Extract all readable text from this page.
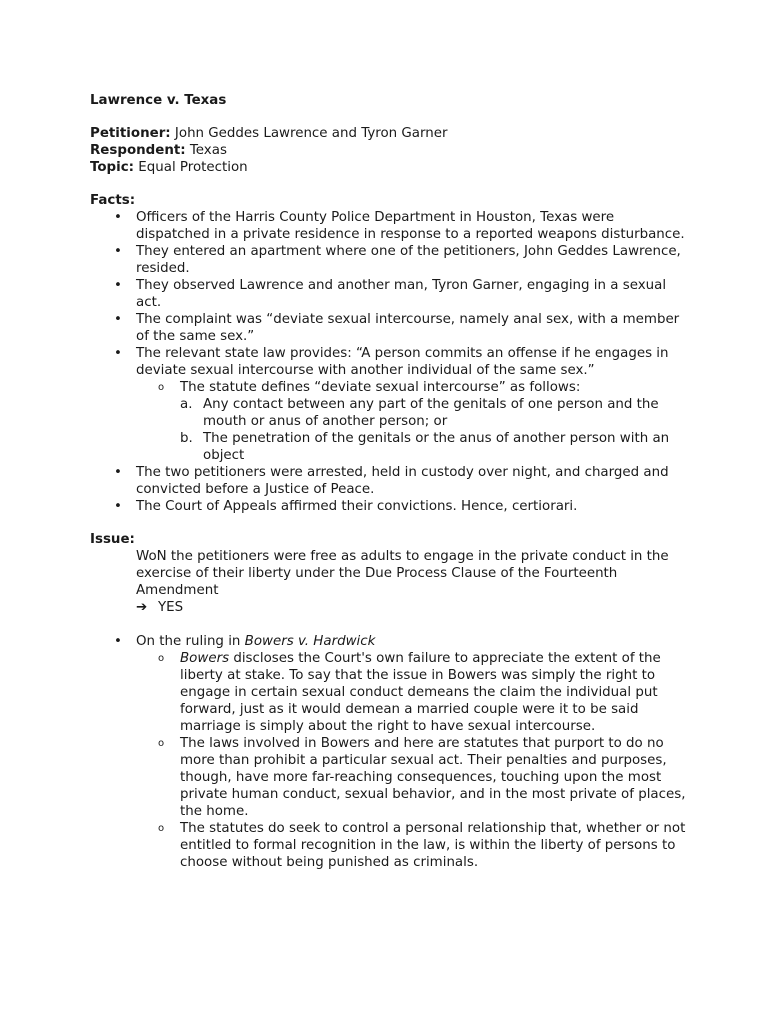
Lawrence v. Texas
Petitioner: John Geddes Lawrence and Tyron Garner
Respondent: Texas
Topic: Equal Protection
Facts:
• Officers of the Harris County Police Department in Houston, Texas were dispatched in a private residence in response to a reported weapons disturbance.
• They entered an apartment where one of the petitioners, John Geddes Lawrence, resided.
• They observed Lawrence and another man, Tyron Garner, engaging in a sexual act.
• The complaint was “deviate sexual intercourse, namely anal sex, with a member of the same sex.”
• The relevant state law provides: “A person commits an offense if he engages in deviate sexual intercourse with another individual of the same sex.”
o The statute defines “deviate sexual intercourse” as follows:
a. Any contact between any part of the genitals of one person and the mouth or anus of another person; or
b. The penetration of the genitals or the anus of another person with an object
• The two petitioners were arrested, held in custody over night, and charged and convicted before a Justice of Peace.
• The Court of Appeals affirmed their convictions. Hence, certiorari.
Issue:
WoN the petitioners were free as adults to engage in the private conduct in the exercise of their liberty under the Due Process Clause of the Fourteenth Amendment
➔ YES
• On the ruling in Bowers v. Hardwick
o Bowers discloses the Court's own failure to appreciate the extent of the liberty at stake. To say that the issue in Bowers was simply the right to engage in certain sexual conduct demeans the claim the individual put forward, just as it would demean a married couple were it to be said marriage is simply about the right to have sexual intercourse.
o The laws involved in Bowers and here are statutes that purport to do no more than prohibit a particular sexual act. Their penalties and purposes, though, have more far-reaching consequences, touching upon the most private human conduct, sexual behavior, and in the most private of places, the home.
o The statutes do seek to control a personal relationship that, whether or not entitled to formal recognition in the law, is within the liberty of persons to choose without being punished as criminals.
